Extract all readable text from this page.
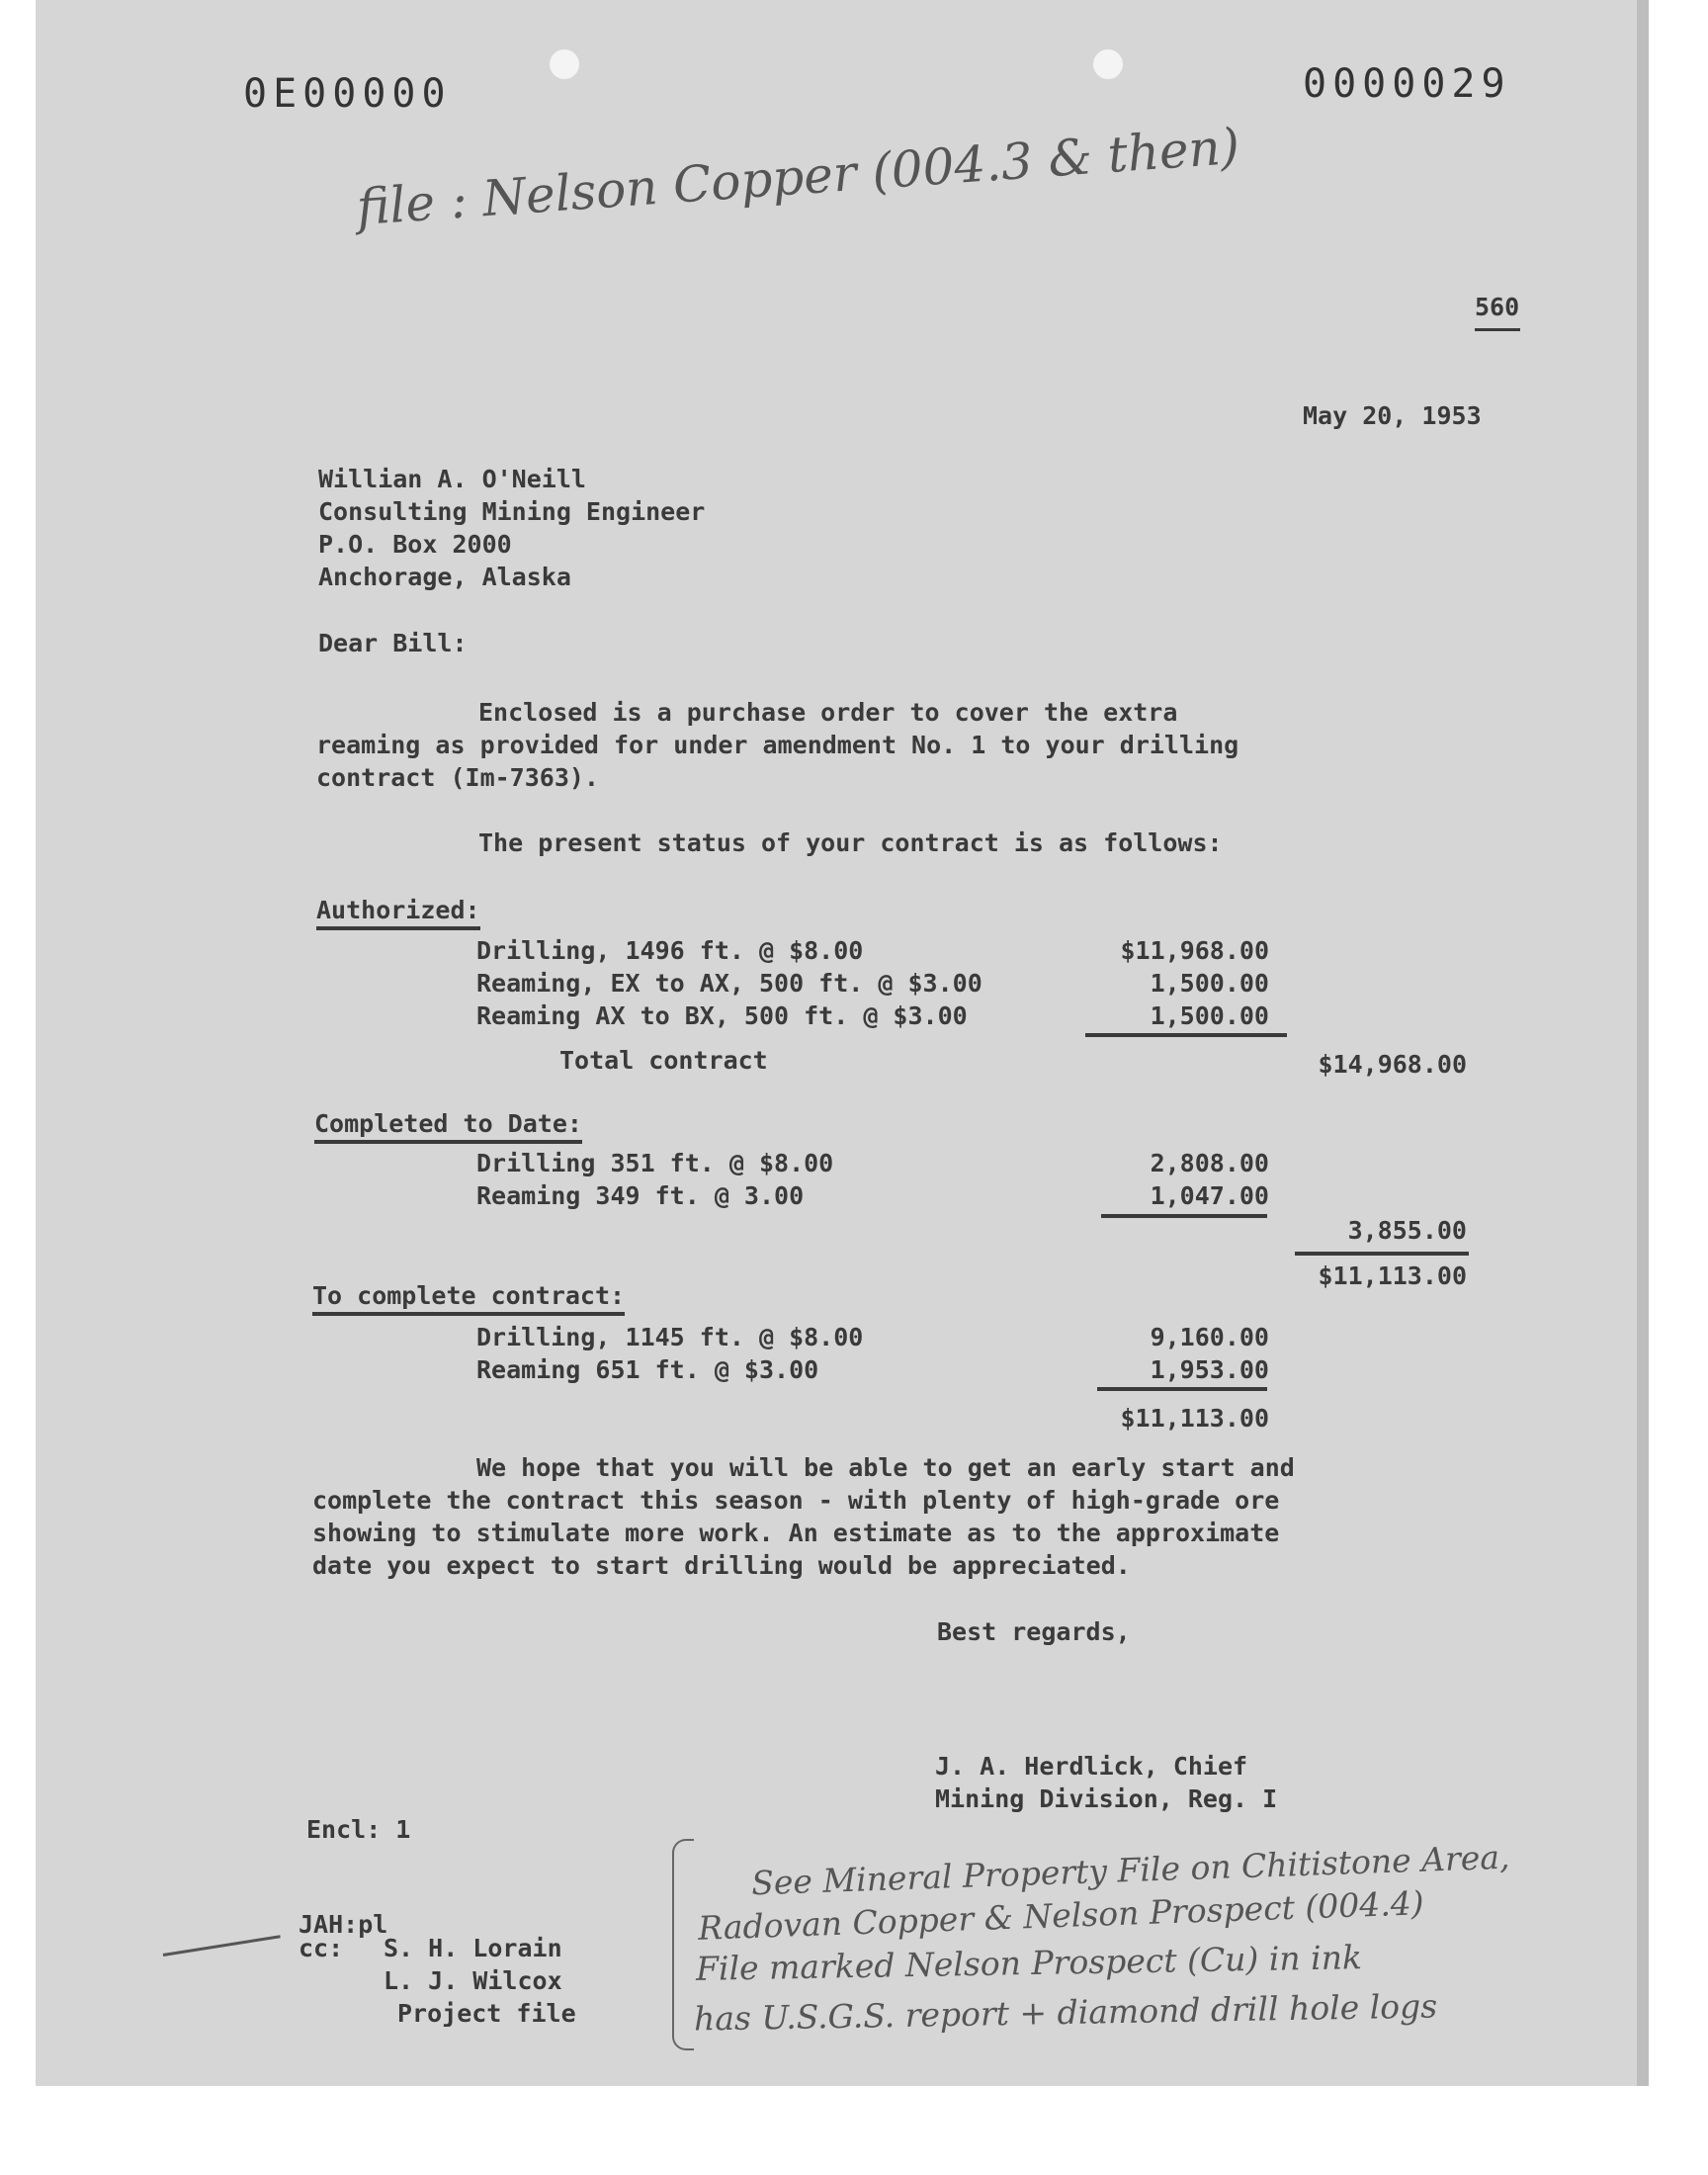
0E00000	0000029
file : Nelson Copper (004.3 & then)
560
May 20, 1953
Willian A. O'Neill
Consulting Mining Engineer
P.O. Box 2000
Anchorage, Alaska
Dear Bill:
Enclosed is a purchase order to cover the extra
reaming as provided for under amendment No. 1 to your drilling
contract (Im-7363).
The present status of your contract is as follows:
Authorized:
Drilling, 1496 ft. @ $8.00	$11,968.00
Reaming, EX to AX, 500 ft. @ $3.00	1,500.00
Reaming AX to BX, 500 ft. @ $3.00	1,500.00
Total contract	$14,968.00
Completed to Date:
Drilling 351 ft. @ $8.00	2,808.00
Reaming 349 ft. @ 3.00	1,047.00
3,855.00
$11,113.00
To complete contract:
Drilling, 1145 ft. @ $8.00	9,160.00
Reaming 651 ft. @ $3.00	1,953.00
$11,113.00
We hope that you will be able to get an early start and
complete the contract this season - with plenty of high-grade ore
showing to stimulate more work. An estimate as to the approximate
date you expect to start drilling would be appreciated.
Best regards,
J. A. Herdlick, Chief
Mining Division, Reg. I
Encl: 1
JAH:pl
cc: S. H. Lorain
L. J. Wilcox
Project file
See Mineral Property File on Chitistone Area,
Radovan Copper & Nelson Prospect (004.4)
File marked Nelson Prospect (Cu) in ink
has U.S.G.S. report + diamond drill hole logs
